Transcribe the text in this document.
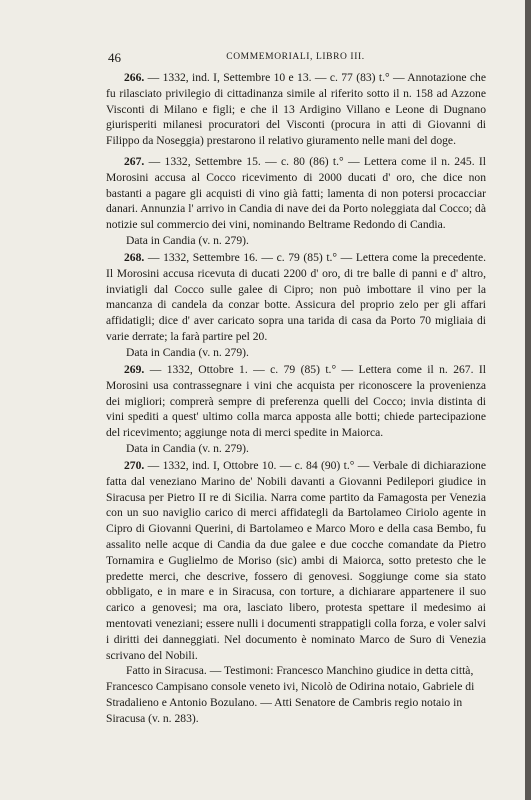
46	COMMEMORIALI, LIBRO III.

266. — 1332, ind. I, Settembre 10 e 13. — c. 77 (83) t.° — Annotazione che fu rilasciato privilegio di cittadinanza simile al riferito sotto il n. 158 ad Azzone Visconti di Milano e figli; e che il 13 Ardigino Villano e Leone di Dugnano giurisperiti milanesi procuratori del Visconti (procura in atti di Giovanni di Filippo da Noseggia) prestarono il relativo giuramento nelle mani del doge.

267. — 1332, Settembre 15. — c. 80 (86) t.° — Lettera come il n. 245. Il Morosini accusa al Cocco ricevimento di 2000 ducati d' oro, che dice non bastanti a pagare gli acquisti di vino già fatti; lamenta di non potersi procacciar danari. Annunzia l' arrivo in Candia di nave dei da Porto noleggiata dal Cocco; dà notizie sul commercio dei vini, nominando Beltrame Redondo di Candia.

Data in Candia (v. n. 279).

268. — 1332, Settembre 16. — c. 79 (85) t.° — Lettera come la precedente. Il Morosini accusa ricevuta di ducati 2200 d' oro, di tre balle di panni e d' altro, inviatigli dal Cocco sulle galee di Cipro; non può imbottare il vino per la mancanza di candela da conzar botte. Assicura del proprio zelo per gli affari affidatigli; dice d' aver caricato sopra una tarida di casa da Porto 70 migliaia di varie derrate; la farà partire pel 20.

Data in Candia (v. n. 279).

269. — 1332, Ottobre 1. — c. 79 (85) t.° — Lettera come il n. 267. Il Morosini usa contrassegnare i vini che acquista per riconoscere la provenienza dei migliori; comprerà sempre di preferenza quelli del Cocco; invia distinta di vini spediti a quest' ultimo colla marca apposta alle botti; chiede partecipazione del ricevimento; aggiunge nota di merci spedite in Maiorca.

Data in Candia (v. n. 279).

270. — 1332, ind. I, Ottobre 10. — c. 84 (90) t.° — Verbale di dichiarazione fatta dal veneziano Marino de' Nobili davanti a Giovanni Pedilepori giudice in Siracusa per Pietro II re di Sicilia. Narra come partito da Famagosta per Venezia con un suo naviglio carico di merci affidategli da Bartolameo Ciriolo agente in Cipro di Giovanni Querini, di Bartolameo e Marco Moro e della casa Bembo, fu assalito nelle acque di Candia da due galee e due cocche comandate da Pietro Tornamira e Guglielmo de Moriso (sic) ambi di Maiorca, sotto pretesto che le predette merci, che descrive, fossero di genovesi. Soggiunge come sia stato obbligato, e in mare e in Siracusa, con torture, a dichiarare appartenere il suo carico a genovesi; ma ora, lasciato libero, protesta spettare il medesimo ai mentovati veneziani; essere nulli i documenti strappatigli colla forza, e voler salvi i diritti dei danneggiati. Nel documento è nominato Marco de Suro di Venezia scrivano del Nobili.

Fatto in Siracusa. — Testimoni: Francesco Manchino giudice in detta città, Francesco Campisano console veneto ivi, Nicolò de Odirina notaio, Gabriele di Stradalieno e Antonio Bozulano. — Atti Senatore de Cambris regio notaio in Siracusa (v. n. 283).
